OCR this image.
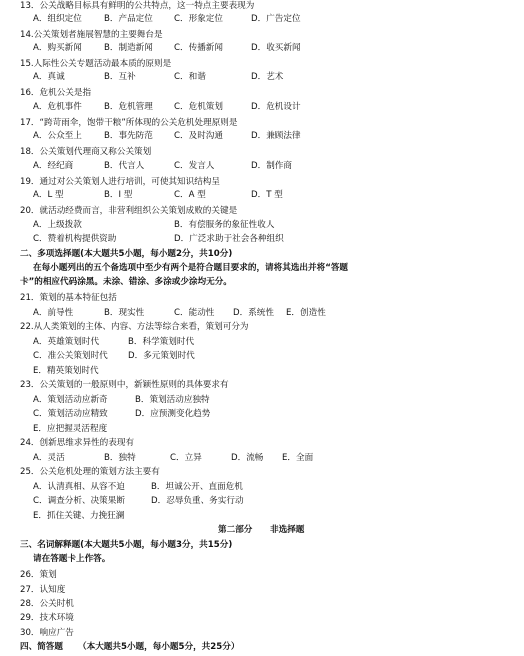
13．公关战略目标具有鲜明的公共特点，这一特点主要表现为
A．组织定位	B．产品定位 C．形象定位	D．广告定位
14.公关策划者施展智慧的主要舞台是
A．购买新闻	B．制造新闻 C．传播新闻	D．收买新闻
15.人际性公关专题活动最本质的原则是
A．真诚	B．互补	C．和谐	D．艺术
16．危机公关是指
A．危机事件	B．危机管理 C．危机策划	D．危机设计
17．“跨苛雨伞，饱带干粮”所体现的公关危机处理原则是
A．公众至上	B．事先防范 C．及时沟通	D．兼顾法律
18．公关策划代理商又称公关策划
A．经纪商	B．代言人	C．发言人	D．制作商
19．通过对公关策划人进行培训，可使其知识结构呈
A．L 型	B．I 型	C．A 型	D．T 型
20．就活动经费而言，非营利组织公关策划成败的关键是
A．上级拨款	B．有偿服务的象征性收人
C．赞着机构提供资助	D．广泛求助于社会各种组织
二、多项选择题(本大题共5小题，每小题2分，共10分)
在每小题列出的五个备选项中至少有两个是符合题目要求的，请将其选出并将“答题
卡”的相应代码涂黑。未涂、错涂、多涂或少涂均无分。
21．策划的基本特征包括
A．前导性	B．现实性	C．能动性 D．系统性 E．创造性
22.从人类策划的主体、内容、方法等综合来看，策划可分为
A．英雄策划时代	B．科学策划时代
C．准公关策划时代 D．多元策划时代
E．精英策划时代
23．公关策划的一般原则中，新颖性原则的具体要求有
A．策划活动应新奇	B．策划活动应独特
C．策划活动应精致	D．应预测变化趋势
E．应把握灵活程度
24．创新思维求异性的表现有
A．灵活	B．独特	C．立异	D．流畅 E．全面
25．公关危机处理的策划方法主要有
A．认清真相、从容不迫	B．坦诚公开、直面危机
C．调查分析、决策果断	D．忍辱负重、务实行动
E．抓住关键、力挽狂澜
第二部分 非选择题
三、名词解释题(本大题共5小题，每小题3分，共15分)
请在答题卡上作答。
26．策划
27．认知度
28．公关时机
29．技术环境
30．响应广告
四、简答题 （本大题共5小题，每小题5分，共25分）
